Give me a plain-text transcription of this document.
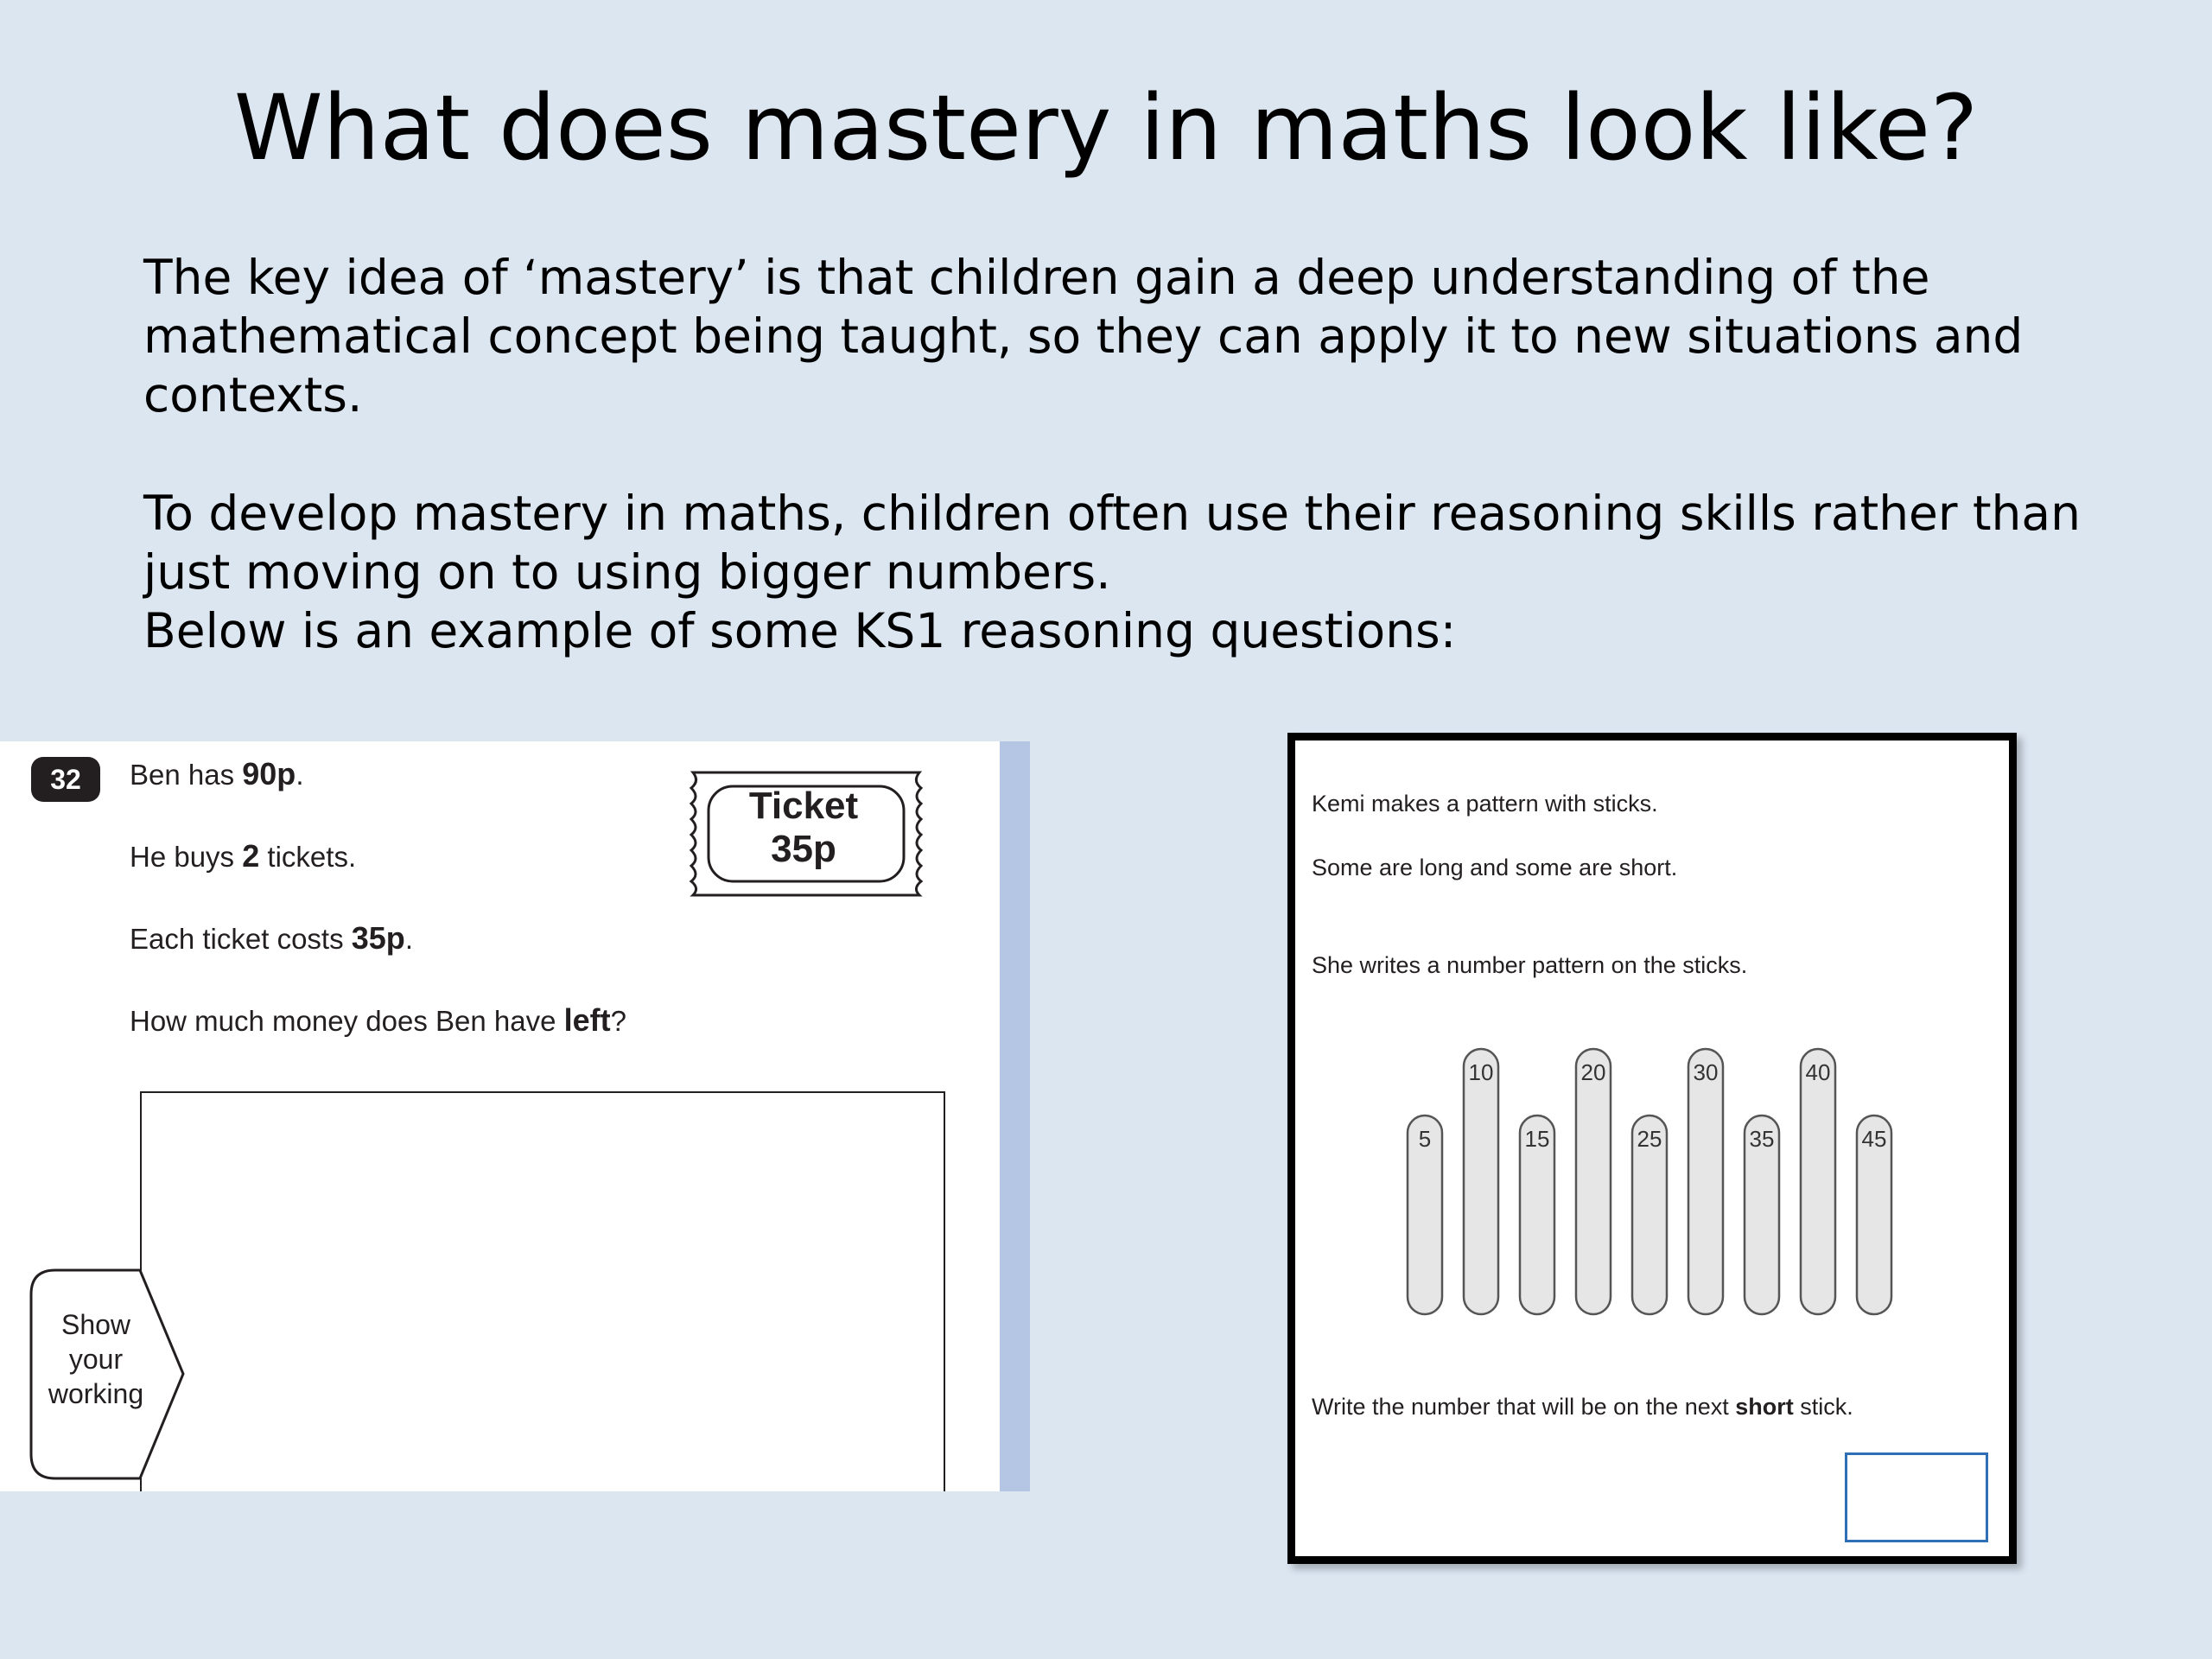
What does mastery in maths look like?

The key idea of ‘mastery’ is that children gain a deep understanding of the mathematical concept being taught, so they can apply it to new situations and contexts.

To develop mastery in maths, children often use their reasoning skills rather than just moving on to using bigger numbers.

Below is an example of some KS1 reasoning questions:

32	Ben has 90p.
He buys 2 tickets.
Each ticket costs 35p.
How much money does Ben have left?
Ticket
35p
Show
your
working
Kemi makes a pattern with sticks.
Some are long and some are short.
She writes a number pattern on the sticks.
5
10
15
20
25
30
35
40
45
Write the number that will be on the next short stick.
